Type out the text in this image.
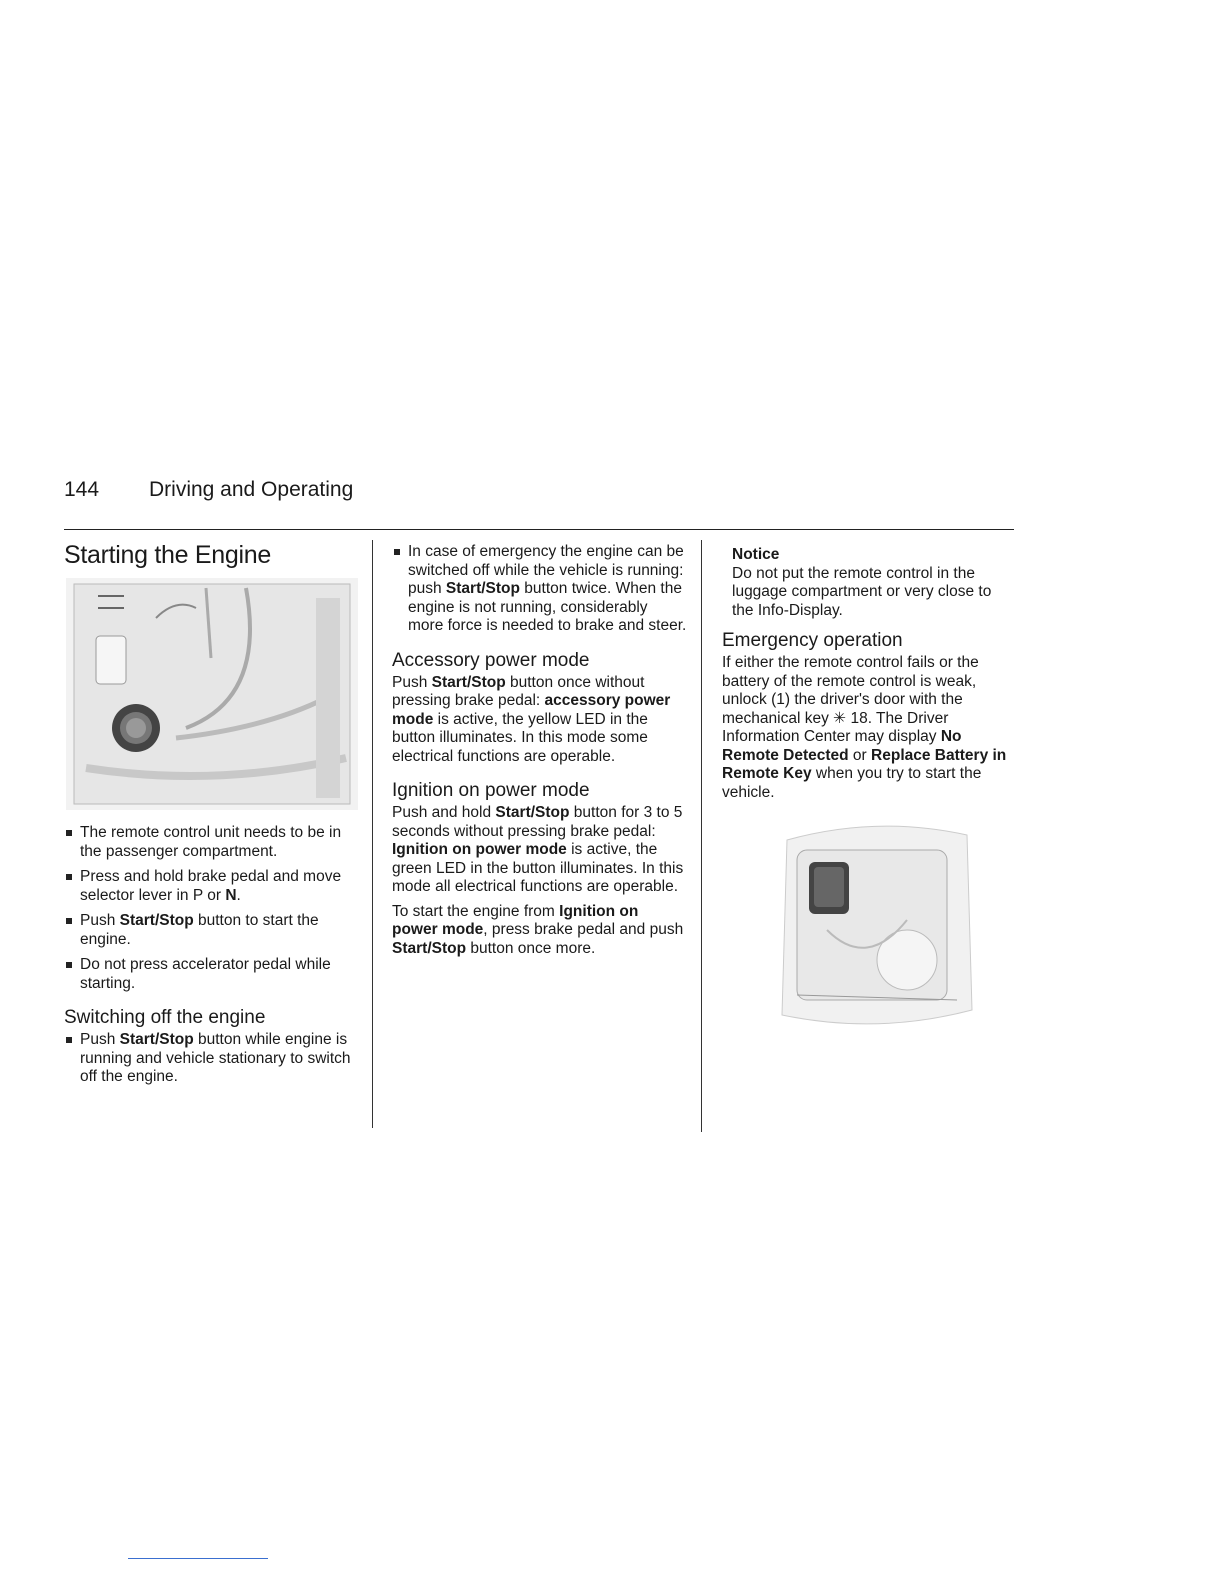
144 Driving and Operating
Starting the Engine
The remote control unit needs to be in the passenger compartment.
Press and hold brake pedal and move selector lever in P or N.
Push Start/Stop button to start the engine.
Do not press accelerator pedal while starting.
Switching off the engine
Push Start/Stop button while engine is running and vehicle stationary to switch off the engine.
In case of emergency the engine can be switched off while the vehicle is running: push Start/Stop button twice. When the engine is not running, considerably more force is needed to brake and steer.
Accessory power mode

Push Start/Stop button once without pressing brake pedal: accessory power mode is active, the yellow LED in the button illuminates. In this mode some electrical functions are operable.

Ignition on power mode

Push and hold Start/Stop button for 3 to 5 seconds without pressing brake pedal: Ignition on power mode is active, the green LED in the button illuminates. In this mode all electrical functions are operable.

To start the engine from Ignition on power mode, press brake pedal and push Start/Stop button once more.

Notice
Do not put the remote control in the luggage compartment or very close to the Info-Display.
Emergency operation

If either the remote control fails or the battery of the remote control is weak, unlock (1) the driver's door with the mechanical key ✳ 18. The Driver Information Center may display No Remote Detected or Replace Battery in Remote Key when you try to start the vehicle.
